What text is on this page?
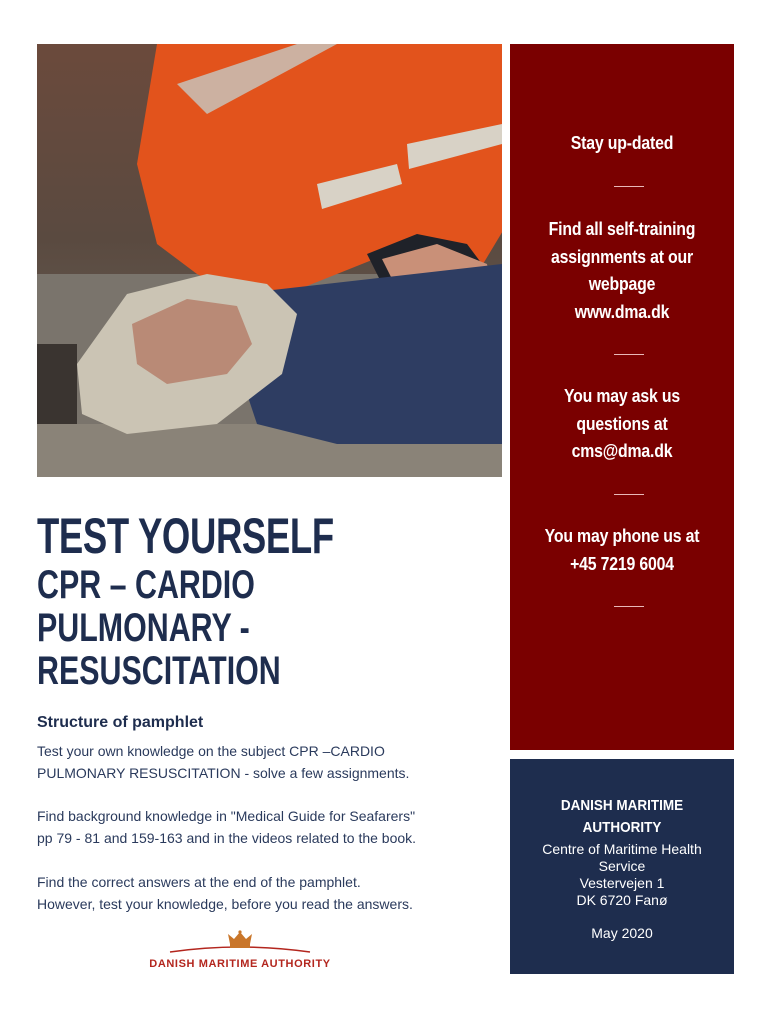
Stay up-dated
Find all self-training
assignments at our
webpage
www.dma.dk
You may ask us
questions at
cms@dma.dk
You may phone us at
+45 7219 6004
DANISH MARITIME
AUTHORITY
Centre of Maritime Health
Service
Vestervejen 1
DK 6720 Fanø
May 2020
TEST YOURSELF
CPR – CARDIO
PULMONARY -
RESUSCITATION
Structure of pamphlet
Test your own knowledge on the subject CPR –CARDIO
PULMONARY RESUSCITATION - solve a few assignments.
Find background knowledge in "Medical Guide for Seafarers"
pp 79 - 81 and 159-163 and in the videos related to the book.
Find the correct answers at the end of the pamphlet.
However, test your knowledge, before you read the answers.
DANISH MARITIME AUTHORITY
